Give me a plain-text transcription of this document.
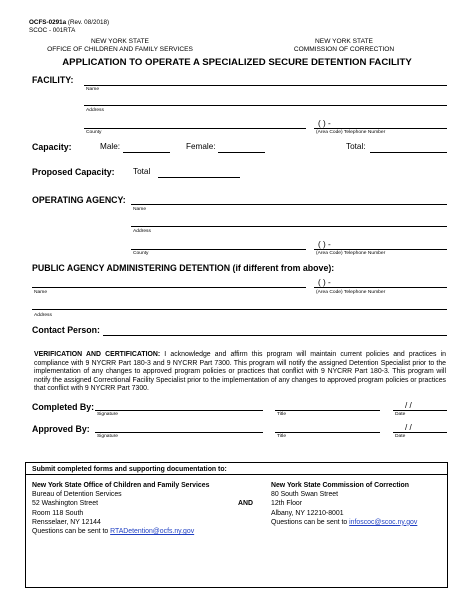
OCFS-0291a (Rev. 08/2018)
SCOC - 001RTA
NEW YORK STATE
OFFICE OF CHILDREN AND FAMILY SERVICES
NEW YORK STATE
COMMISSION OF CORRECTION
APPLICATION TO OPERATE A SPECIALIZED SECURE DETENTION FACILITY
FACILITY:
Name
Address
( ) -
County	(Area Code) Telephone Number
Capacity:	Male:	Female:	Total:
Proposed Capacity: Total
OPERATING AGENCY:
Name
Address
( ) -
County	(Area Code) Telephone Number
PUBLIC AGENCY ADMINISTERING DETENTION (if different from above):
( ) -
Name	(Area Code) Telephone Number
Address
Contact Person:
VERIFICATION AND CERTIFICATION: I acknowledge and affirm this program will maintain current policies and practices in compliance with 9 NYCRR Part 180-3 and 9 NYCRR Part 7300. This program will notify the assigned Detention Specialist prior to the implementation of any changes to approved program policies or practices that conflict with 9 NYCRR Part 180-3. This program will notify the assigned Correctional Facility Specialist prior to the implementation of any changes to approved program policies or practices that conflict with 9 NYCRR Part 7300.
Completed By:	/ /
Signature	Title	Date
Approved By:	/ /
Signature	Title	Date
Submit completed forms and supporting documentation to:
New York State Office of Children and Family Services
Bureau of Detention Services
52 Washington Street
Room 118 South
Rensselaer, NY 12144
Questions can be sent to RTADetention@ocfs.ny.gov
AND
New York State Commission of Correction
80 South Swan Street
12th Floor
Albany, NY 12210-8001
Questions can be sent to infoscoc@scoc.ny.gov
